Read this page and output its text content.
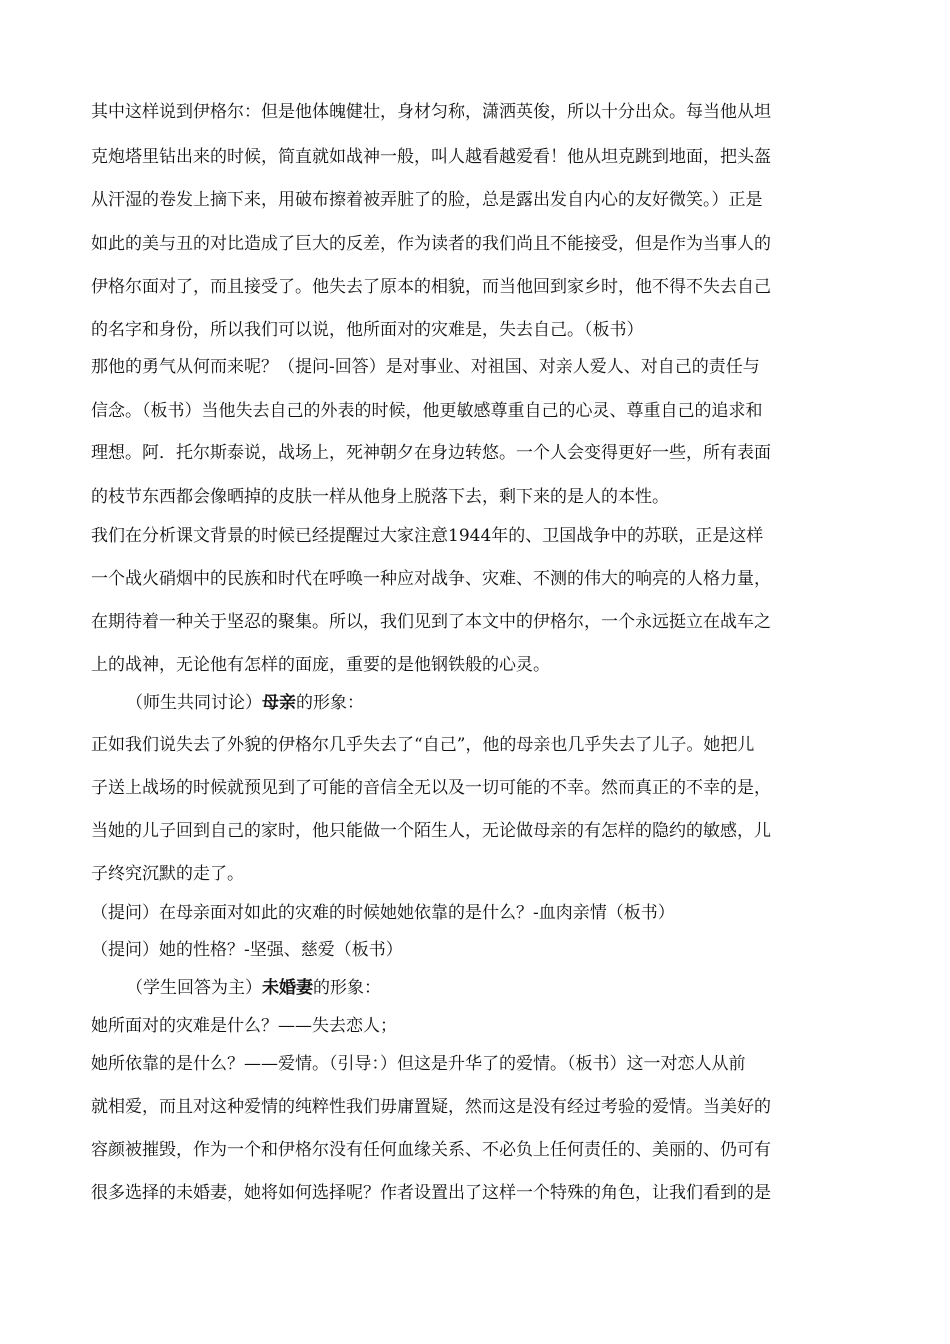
其中这样说到伊格尔：但是他体魄健壮，身材匀称，潇洒英俊，所以十分出众。每当他从坦
克炮塔里钻出来的时候，简直就如战神一般，叫人越看越爱看！他从坦克跳到地面，把头盔
从汗湿的卷发上摘下来，用破布擦着被弄脏了的脸，总是露出发自内心的友好微笑。）正是
如此的美与丑的对比造成了巨大的反差，作为读者的我们尚且不能接受，但是作为当事人的
伊格尔面对了，而且接受了。他失去了原本的相貌，而当他回到家乡时，他不得不失去自己
的名字和身份，所以我们可以说，他所面对的灾难是，失去自己。（板书）
那他的勇气从何而来呢？（提问-回答）是对事业、对祖国、对亲人爱人、对自己的责任与
信念。（板书）当他失去自己的外表的时候，他更敏感尊重自己的心灵、尊重自己的追求和
理想。阿．托尔斯泰说，战场上，死神朝夕在身边转悠。一个人会变得更好一些，所有表面
的枝节东西都会像晒掉的皮肤一样从他身上脱落下去，剩下来的是人的本性。
我们在分析课文背景的时候已经提醒过大家注意1944年的、卫国战争中的苏联，正是这样
一个战火硝烟中的民族和时代在呼唤一种应对战争、灾难、不测的伟大的响亮的人格力量，
在期待着一种关于坚忍的聚集。所以，我们见到了本文中的伊格尔，一个永远挺立在战车之
上的战神，无论他有怎样的面庞，重要的是他钢铁般的心灵。
（师生共同讨论）母亲的形象：
正如我们说失去了外貌的伊格尔几乎失去了“自己”，他的母亲也几乎失去了儿子。她把儿
子送上战场的时候就预见到了可能的音信全无以及一切可能的不幸。然而真正的不幸的是，
当她的儿子回到自己的家时，他只能做一个陌生人，无论做母亲的有怎样的隐约的敏感，儿
子终究沉默的走了。
（提问）在母亲面对如此的灾难的时候她她依靠的是什么？-血肉亲情（板书）
（提问）她的性格？-坚强、慈爱（板书）
（学生回答为主）未婚妻的形象：
她所面对的灾难是什么？——失去恋人；
她所依靠的是什么？——爱情。（引导：）但这是升华了的爱情。（板书）这一对恋人从前
就相爱，而且对这种爱情的纯粹性我们毋庸置疑，然而这是没有经过考验的爱情。当美好的
容颜被摧毁，作为一个和伊格尔没有任何血缘关系、不必负上任何责任的、美丽的、仍可有
很多选择的未婚妻，她将如何选择呢？作者设置出了这样一个特殊的角色，让我们看到的是
